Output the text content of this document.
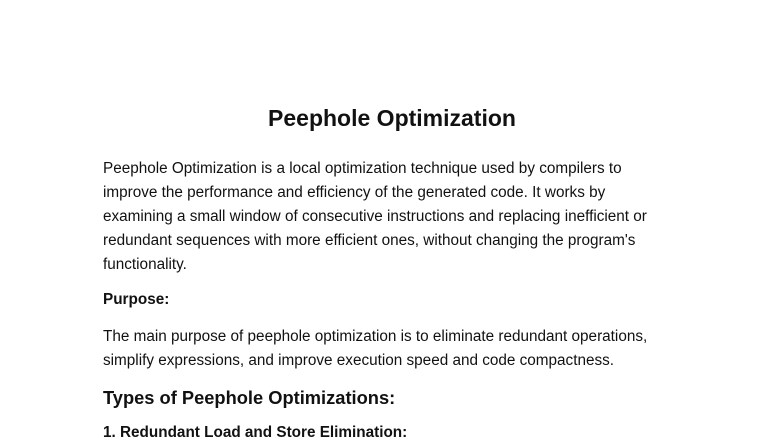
Peephole Optimization

Peephole Optimization is a local optimization technique used by compilers to
improve the performance and efficiency of the generated code. It works by
examining a small window of consecutive instructions and replacing inefficient or
redundant sequences with more efficient ones, without changing the program's
functionality.

Purpose:

The main purpose of peephole optimization is to eliminate redundant operations,
simplify expressions, and improve execution speed and code compactness.

Types of Peephole Optimizations:

1. Redundant Load and Store Elimination:
